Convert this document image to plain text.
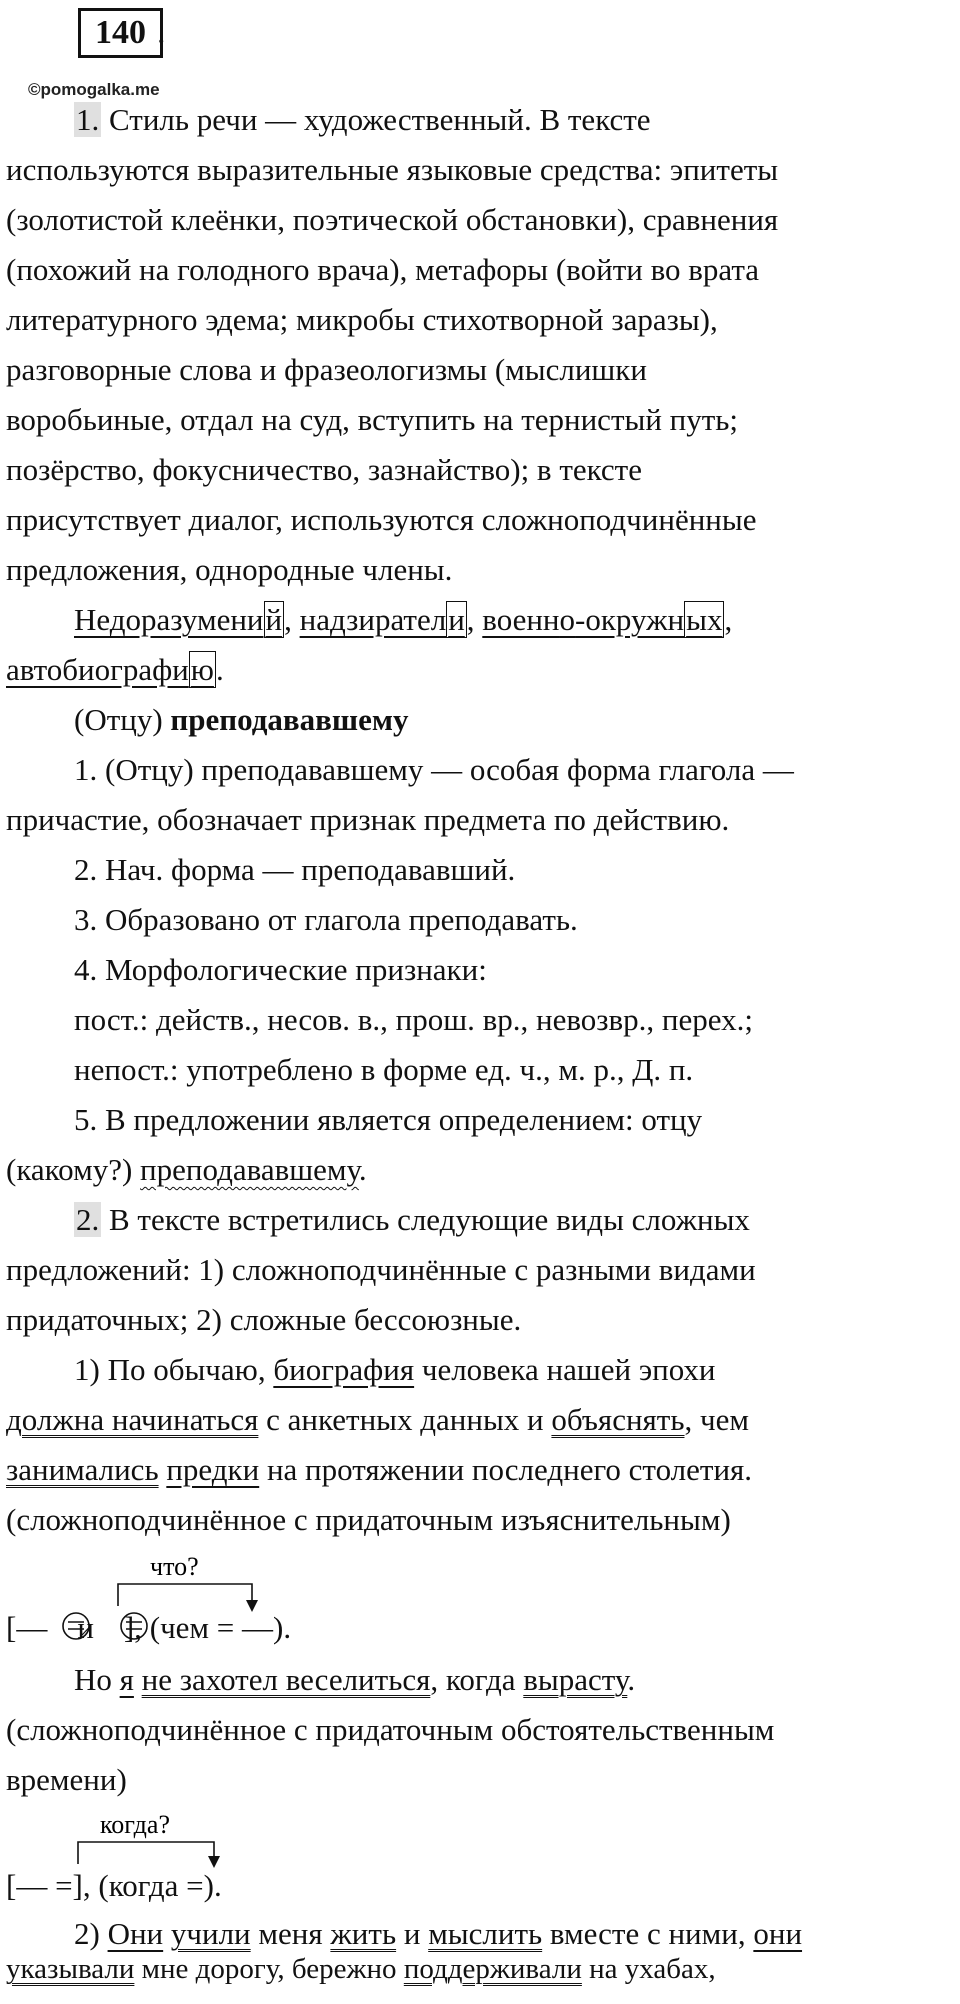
140 .
©pomogalka.me
1. Стиль речи — художественный. В тексте
используются выразительные языковые средства: эпитеты
(золотистой клеёнки, поэтической обстановки), сравнения
(похожий на голодного врача), метафоры (войти во врата
литературного эдема; микробы стихотворной заразы),
разговорные слова и фразеологизмы (мыслишки
воробьиные, отдал на суд, вступить на тернистый путь;
позёрство, фокусничество, зазнайство); в тексте
присутствует диалог, используются сложноподчинённые
предложения, однородные члены.
Недоразумений, надзиратели, военно-окружных,
автобиографию.
(Отцу) преподававшему
1. (Отцу) преподававшему — особая форма глагола —
причастие, обозначает признак предмета по действию.
2. Нач. форма — преподававший.
3. Образовано от глагола преподавать.
4. Морфологические признаки:
пост.: действ., несов. в., прош. вр., невозвр., перех.;
непост.: употреблено в форме ед. ч., м. р., Д. п.
5. В предложении является определением: отцу
(какому?) преподававшему.
2. В тексте встретились следующие виды сложных
предложений: 1) сложноподчинённые с разными видами
придаточных; 2) сложные бессоюзные.
1) По обычаю, биография человека нашей эпохи
должна начинаться с анкетных данных и объяснять, чем
занимались предки на протяжении последнего столетия.
(сложноподчинённое с придаточным изъяснительным)
что?
когда?
[— и ], (чем = —).
Но я не захотел веселиться, когда вырасту.
(сложноподчинённое с придаточным обстоятельственным
времени)
[— =], (когда =).
2) Они учили меня жить и мыслить вместе с ними, они
указывали мне дорогу, бережно поддерживали на ухабах,
